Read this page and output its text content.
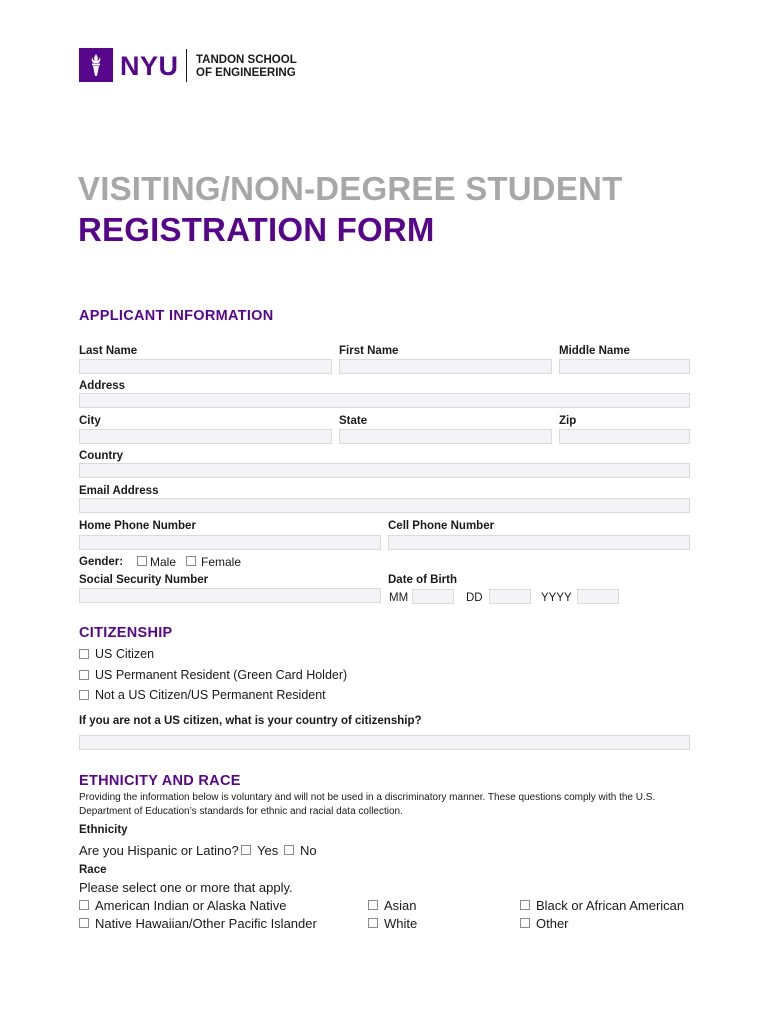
NYU TANDON SCHOOL
OF ENGINEERING
VISITING/NON-DEGREE STUDENT
REGISTRATION FORM
APPLICANT INFORMATION
Last Name	First Name	Middle Name
Address
City	State	Zip
Country
Email Address
Home Phone Number	Cell Phone Number
Gender: Male Female
Social Security Number	Date of Birth
MM	DD	YYYY
CITIZENSHIP
US Citizen
US Permanent Resident (Green Card Holder)
Not a US Citizen/US Permanent Resident
If you are not a US citizen, what is your country of citizenship?
ETHNICITY AND RACE
Providing the information below is voluntary and will not be used in a discriminatory manner. These questions comply with the U.S.
Department of Education’s standards for ethnic and racial data collection.
Ethnicity
Are you Hispanic or Latino? Yes No
Race
Please select one or more that apply.
American Indian or Alaska Native	Asian	Black or African American
Native Hawaiian/Other Pacific Islander	White	Other
